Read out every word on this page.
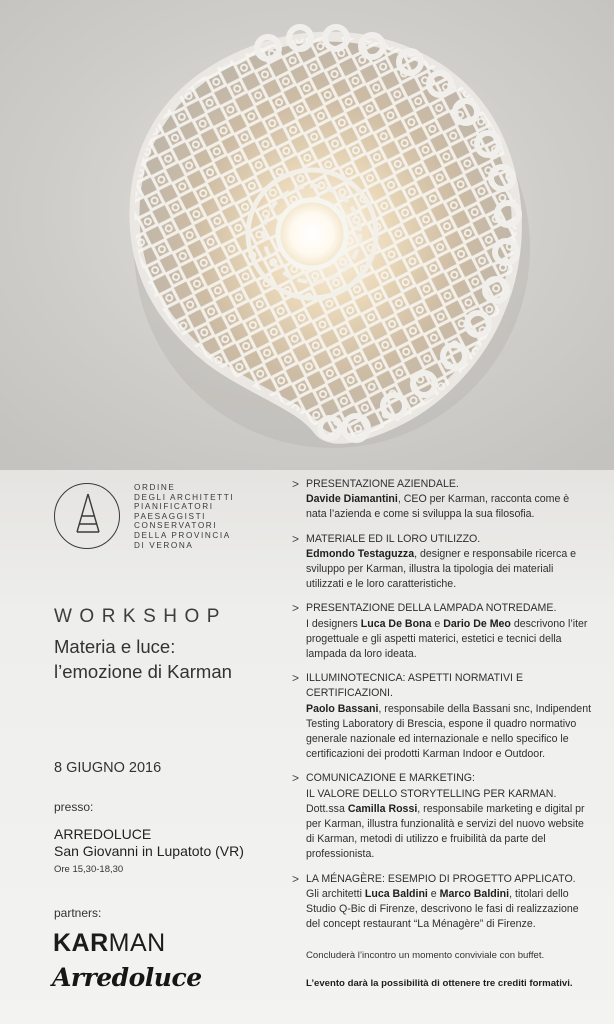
ORDINE
DEGLI ARCHITETTI
PIANIFICATORI
PAESAGGISTI
CONSERVATORI
DELLA PROVINCIA
DI VERONA
WORKSHOP
Materia e luce:
l’emozione di Karman
8 GIUGNO 2016
presso:
ARREDOLUCE
San Giovanni in Lupatoto (VR)
Ore 15,30-18,30
partners:
KARMAN
Arredoluce
> PRESENTAZIONE AZIENDALE.

Davide Diamantini, CEO per Karman, racconta come è nata l’azienda e come si sviluppa la sua filosofia.

> MATERIALE ED IL LORO UTILIZZO.

Edmondo Testaguzza, designer e responsabile ricerca e sviluppo per Karman, illustra la tipologia dei materiali utilizzati e le loro caratteristiche.

> PRESENTAZIONE DELLA LAMPADA NOTREDAME.

I designers Luca De Bona e Dario De Meo descrivono l’iter progettuale e gli aspetti materici, estetici e tecnici della lampada da loro ideata.

> ILLUMINOTECNICA: ASPETTI NORMATIVI E CERTIFICAZIONI.

Paolo Bassani, responsabile della Bassani snc, Indipendent Testing Laboratory di Brescia, espone il quadro normativo generale nazionale ed internazionale e nello specifico le certificazioni dei prodotti Karman Indoor e Outdoor.

> COMUNICAZIONE E MARKETING:
IL VALORE DELLO STORYTELLING PER KARMAN.

Dott.ssa Camilla Rossi, responsabile marketing e digital pr per Karman, illustra funzionalità e servizi del nuovo website di Karman, metodi di utilizzo e fruibilità da parte del professionista.

> LA MÉNAGÈRE: ESEMPIO DI PROGETTO APPLICATO.

Gli architetti Luca Baldini e Marco Baldini, titolari dello Studio Q-Bic di Firenze, descrivono le fasi di realizzazione del concept restaurant “La Ménagère” di Firenze.

Concluderà l’incontro un momento conviviale con buffet.
L’evento darà la possibilità di ottenere tre crediti formativi.
